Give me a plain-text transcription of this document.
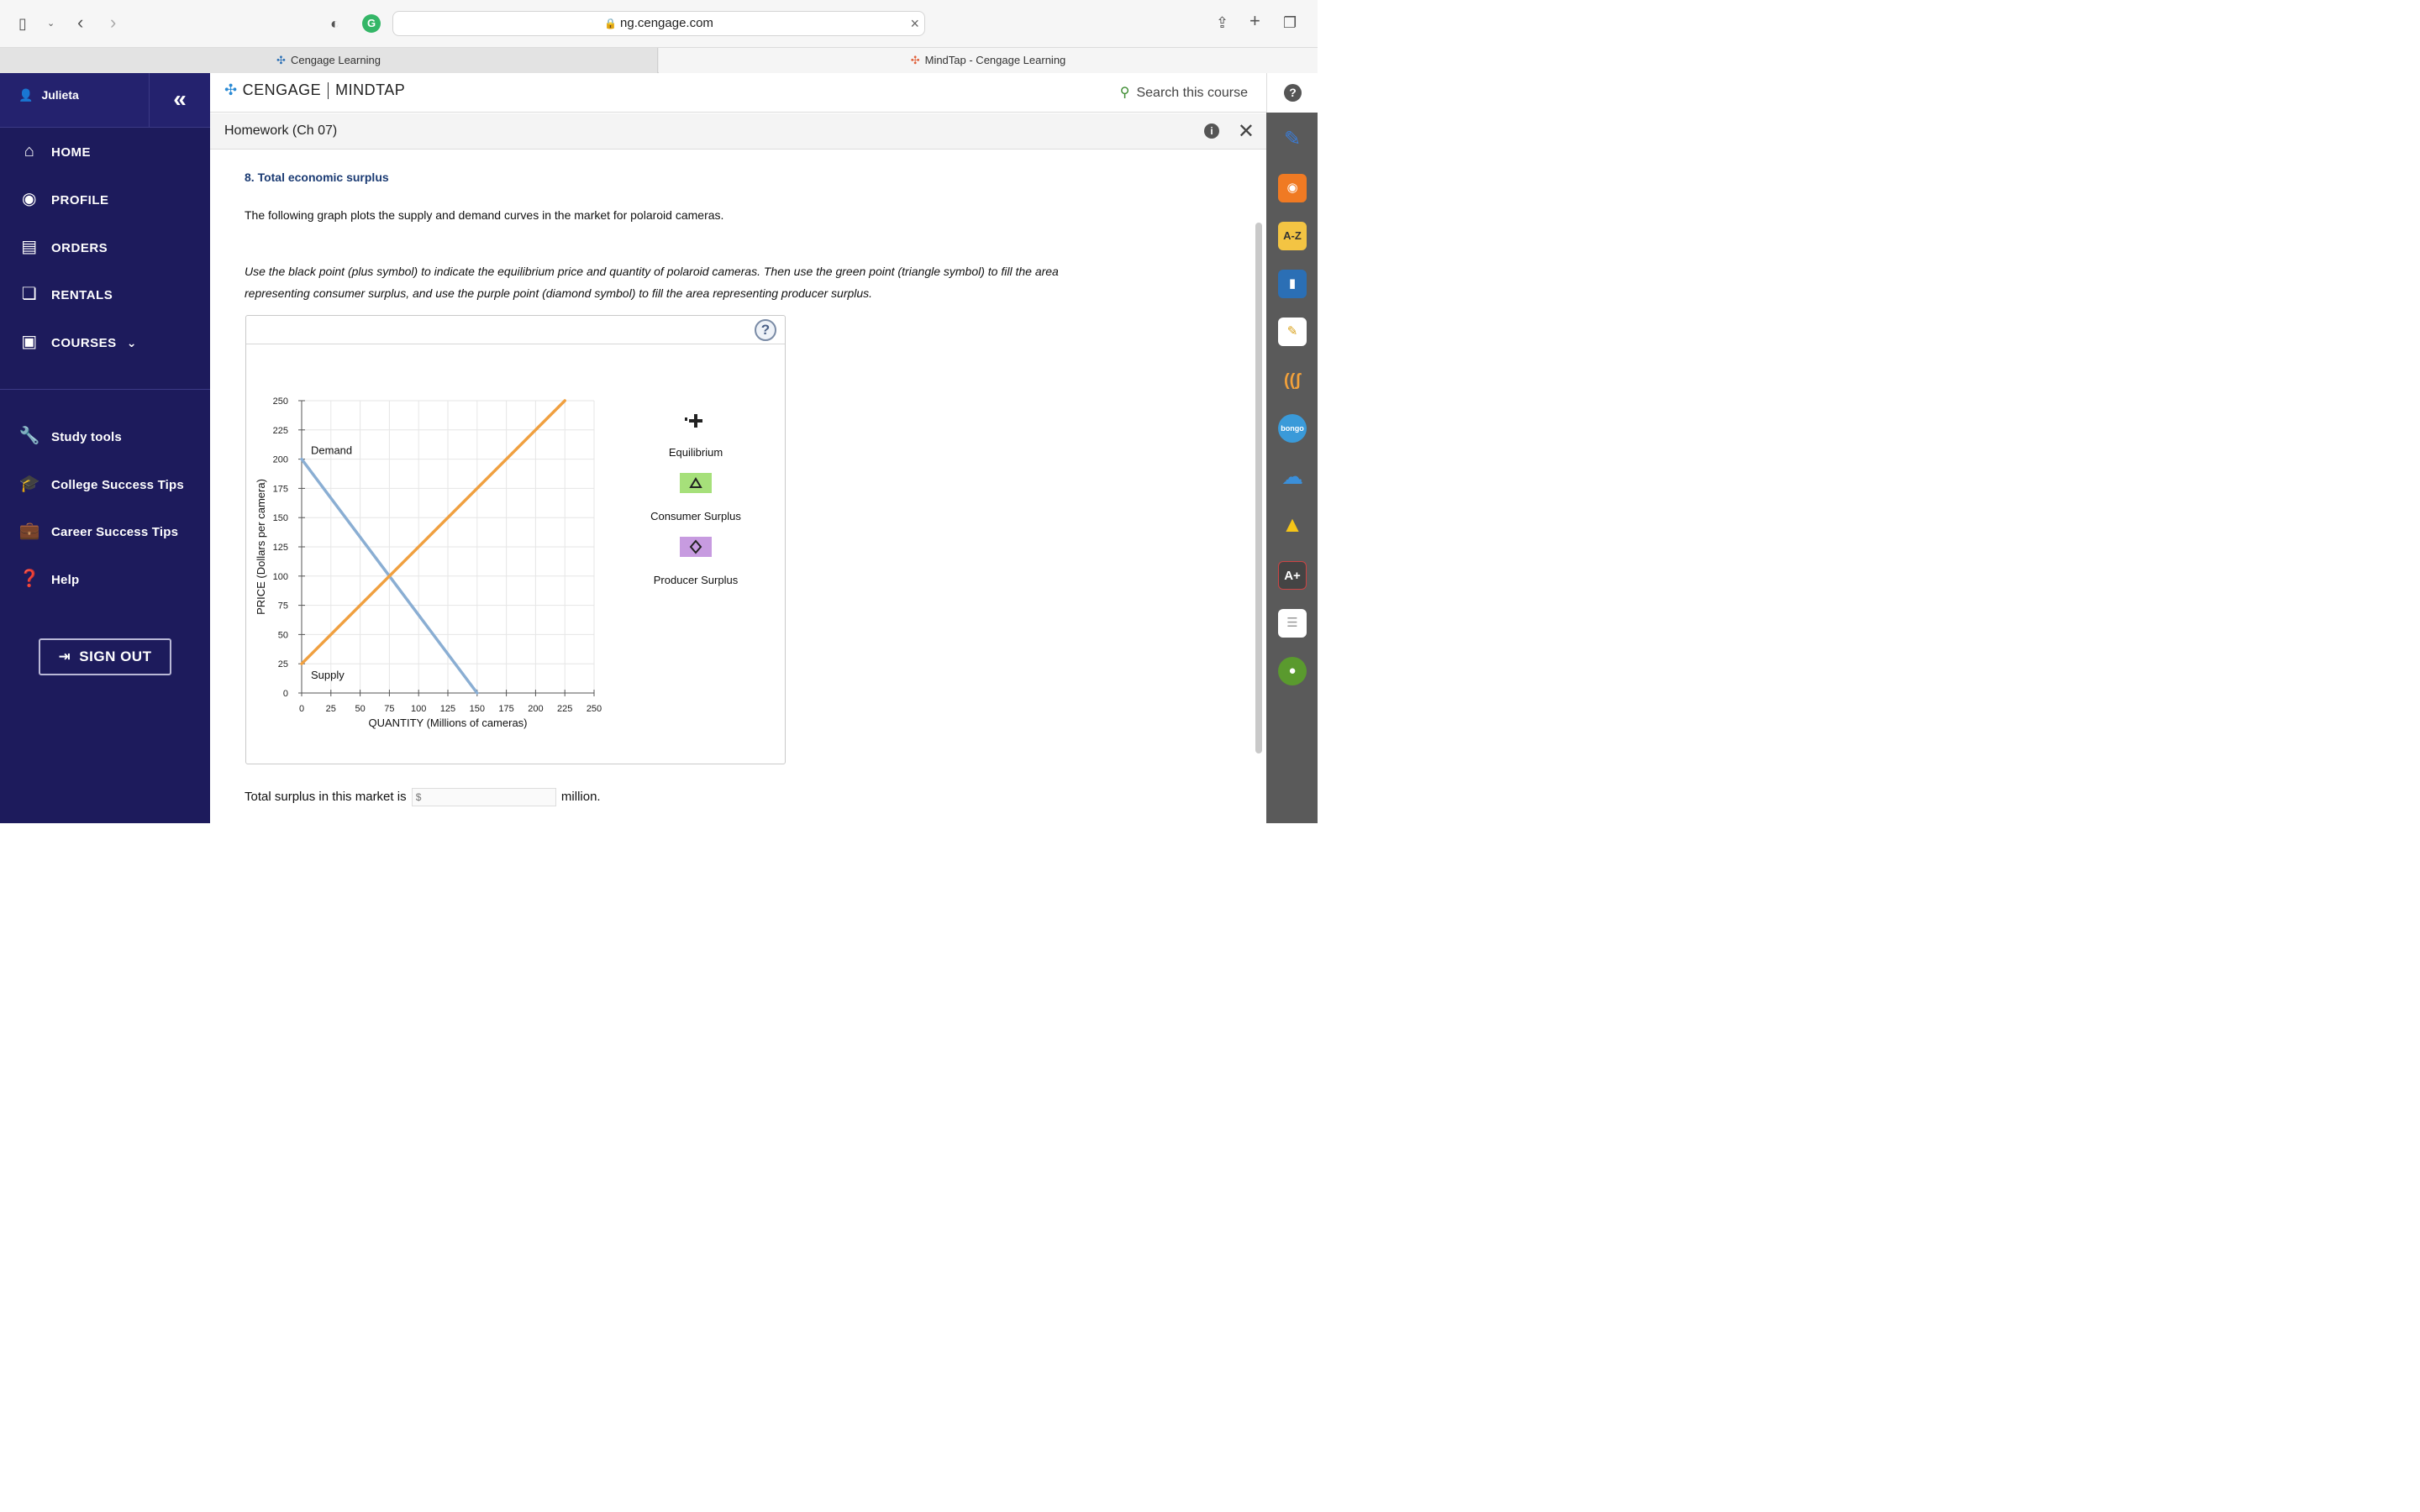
▯ ⌄ ‹ ›	◐	G	🔒 ng.cengage.com	×	⇪ + ❐
✣ Cengage Learning	✣ MindTap - Cengage Learning
👤 Julieta	«
⌂ HOME
◉ PROFILE
▤ ORDERS
❏ RENTALS
▣ COURSES ⌄
🔧 Study tools
🎓 College Success Tips
💼 Career Success Tips
❓ Help
⇥ SIGN OUT
✣ CENGAGE MINDTAP	⚲ Search this course
Homework (Ch 07)	i	✕
8. Total economic surplus
The following graph plots the supply and demand curves in the market for polaroid cameras.
Use the black point (plus symbol) to indicate the equilibrium price and quantity of polaroid cameras. Then use the green point (triangle symbol) to fill the area representing consumer surplus, and use the purple point (diamond symbol) to fill the area representing producer surplus.
?
0 25 50 75 100 125 150 175 200 225 250
0
25
50
75
100
125
150
175
200
225
250
QUANTITY (Millions of cameras)
PRICE (Dollars per camera)
Demand
Supply
Equilibrium
Consumer Surplus
Producer Surplus
Total surplus in this market is $	million.
?
✎
◉
A-Z
▮
✎
((ʃ
bongo
☁
▲
A+
☰
●
